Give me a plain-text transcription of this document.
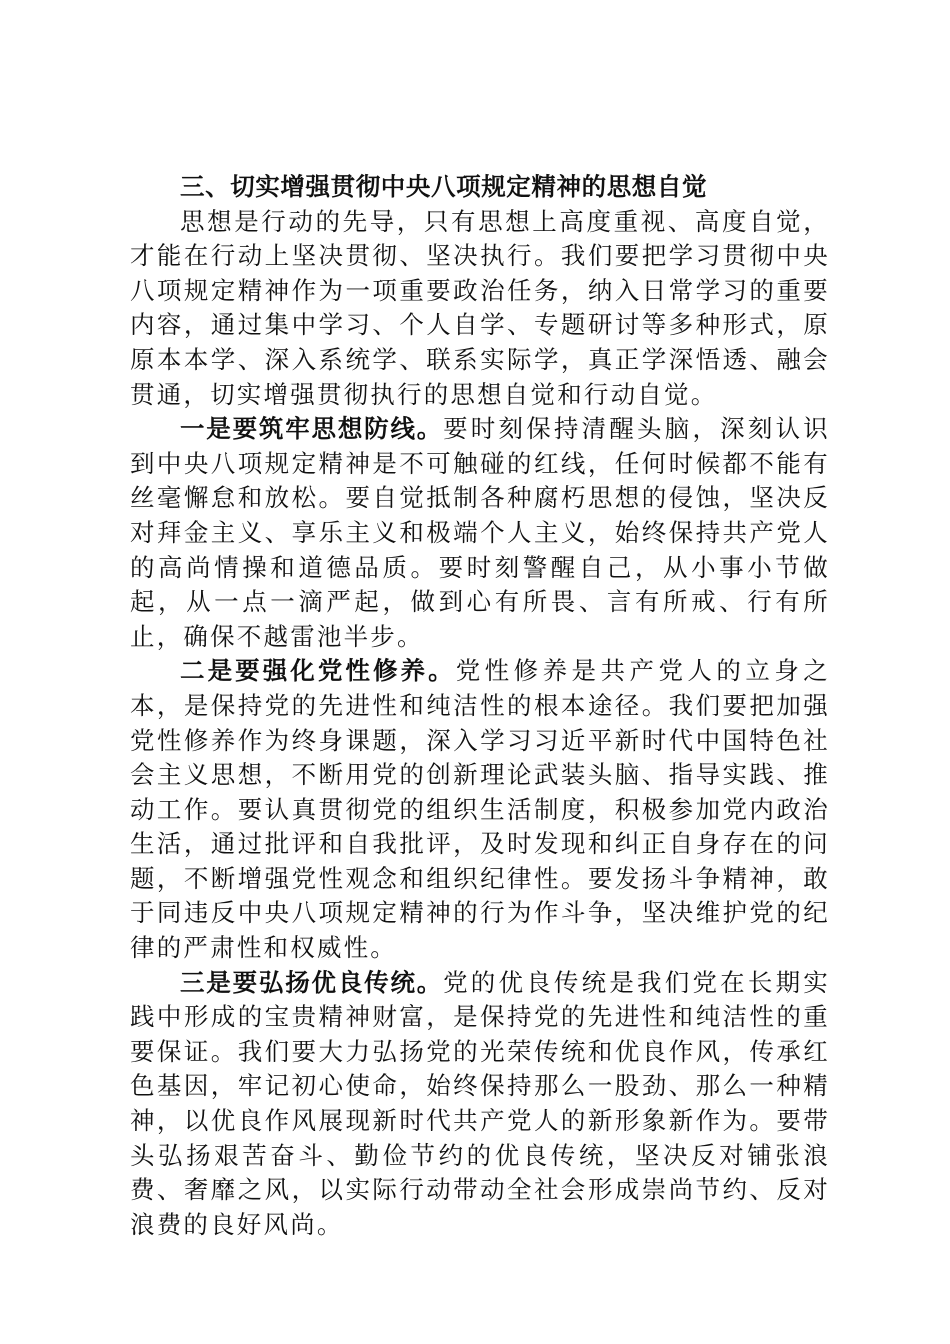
三、切实增强贯彻中央八项规定精神的思想自觉

思想是行动的先导，只有思想上高度重视、高度自觉，才能在行动上坚决贯彻、坚决执行。我们要把学习贯彻中央八项规定精神作为一项重要政治任务，纳入日常学习的重要内容，通过集中学习、个人自学、专题研讨等多种形式，原原本本学、深入系统学、联系实际学，真正学深悟透、融会贯通，切实增强贯彻执行的思想自觉和行动自觉。

一是要筑牢思想防线。要时刻保持清醒头脑，深刻认识到中央八项规定精神是不可触碰的红线，任何时候都不能有丝毫懈怠和放松。要自觉抵制各种腐朽思想的侵蚀，坚决反对拜金主义、享乐主义和极端个人主义，始终保持共产党人的高尚情操和道德品质。要时刻警醒自己，从小事小节做起，从一点一滴严起，做到心有所畏、言有所戒、行有所止，确保不越雷池半步。

二是要强化党性修养。党性修养是共产党人的立身之本，是保持党的先进性和纯洁性的根本途径。我们要把加强党性修养作为终身课题，深入学习习近平新时代中国特色社会主义思想，不断用党的创新理论武装头脑、指导实践、推动工作。要认真贯彻党的组织生活制度，积极参加党内政治生活，通过批评和自我批评，及时发现和纠正自身存在的问题，不断增强党性观念和组织纪律性。要发扬斗争精神，敢于同违反中央八项规定精神的行为作斗争，坚决维护党的纪律的严肃性和权威性。

三是要弘扬优良传统。党的优良传统是我们党在长期实践中形成的宝贵精神财富，是保持党的先进性和纯洁性的重要保证。我们要大力弘扬党的光荣传统和优良作风，传承红色基因，牢记初心使命，始终保持那么一股劲、那么一种精神，以优良作风展现新时代共产党人的新形象新作为。要带头弘扬艰苦奋斗、勤俭节约的优良传统，坚决反对铺张浪费、奢靡之风，以实际行动带动全社会形成崇尚节约、反对浪费的良好风尚。
